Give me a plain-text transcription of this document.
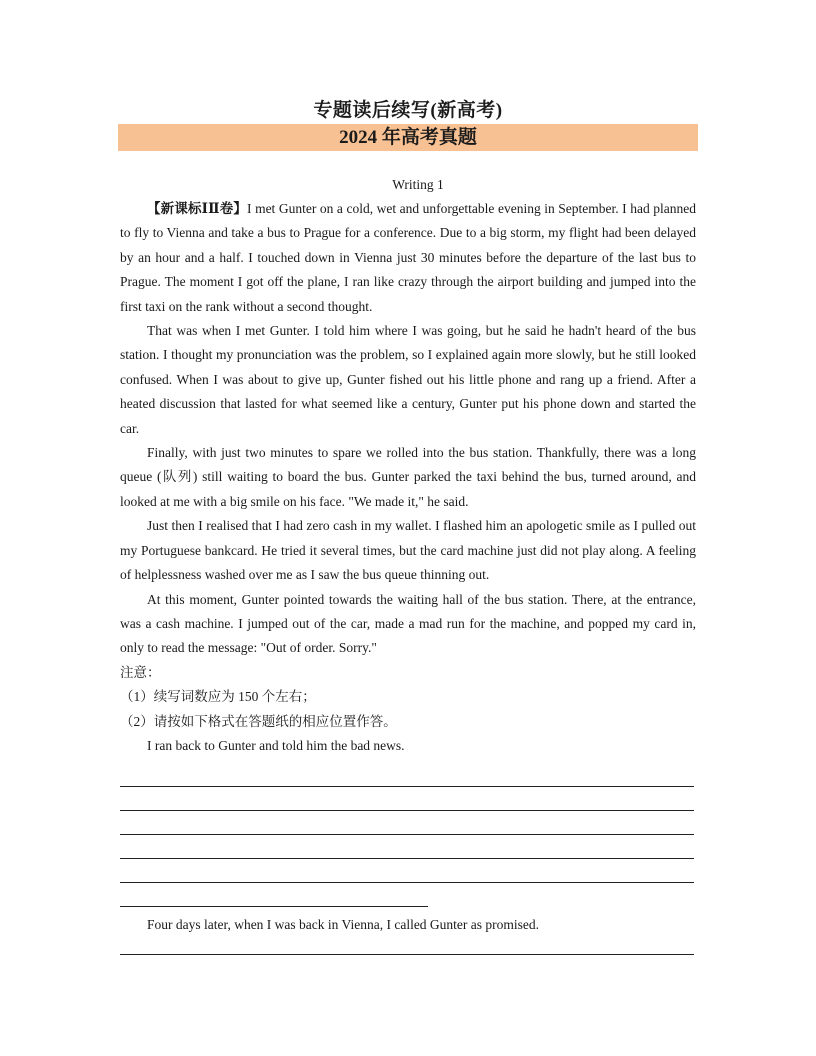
专题读后续写(新高考)
2024 年高考真题
Writing 1

【新课标ⅠⅡ卷】I met Gunter on a cold, wet and unforgettable evening in September. I had planned to fly to Vienna and take a bus to Prague for a conference. Due to a big storm, my flight had been delayed by an hour and a half. I touched down in Vienna just 30 minutes before the departure of the last bus to Prague. The moment I got off the plane, I ran like crazy through the airport building and jumped into the first taxi on the rank without a second thought.

That was when I met Gunter. I told him where I was going, but he said he hadn't heard of the bus station. I thought my pronunciation was the problem, so I explained again more slowly, but he still looked confused. When I was about to give up, Gunter fished out his little phone and rang up a friend. After a heated discussion that lasted for what seemed like a century, Gunter put his phone down and started the car.

Finally, with just two minutes to spare we rolled into the bus station. Thankfully, there was a long queue (队列) still waiting to board the bus. Gunter parked the taxi behind the bus, turned around, and looked at me with a big smile on his face. "We made it," he said.

Just then I realised that I had zero cash in my wallet. I flashed him an apologetic smile as I pulled out my Portuguese bankcard. He tried it several times, but the card machine just did not play along. A feeling of helplessness washed over me as I saw the bus queue thinning out.

At this moment, Gunter pointed towards the waiting hall of the bus station. There, at the entrance, was a cash machine. I jumped out of the car, made a mad run for the machine, and popped my card in, only to read the message: "Out of order. Sorry."

注意：

（1）续写词数应为 150 个左右；

（2）请按如下格式在答题纸的相应位置作答。

I ran back to Gunter and told him the bad news.

Four days later, when I was back in Vienna, I called Gunter as promised.
